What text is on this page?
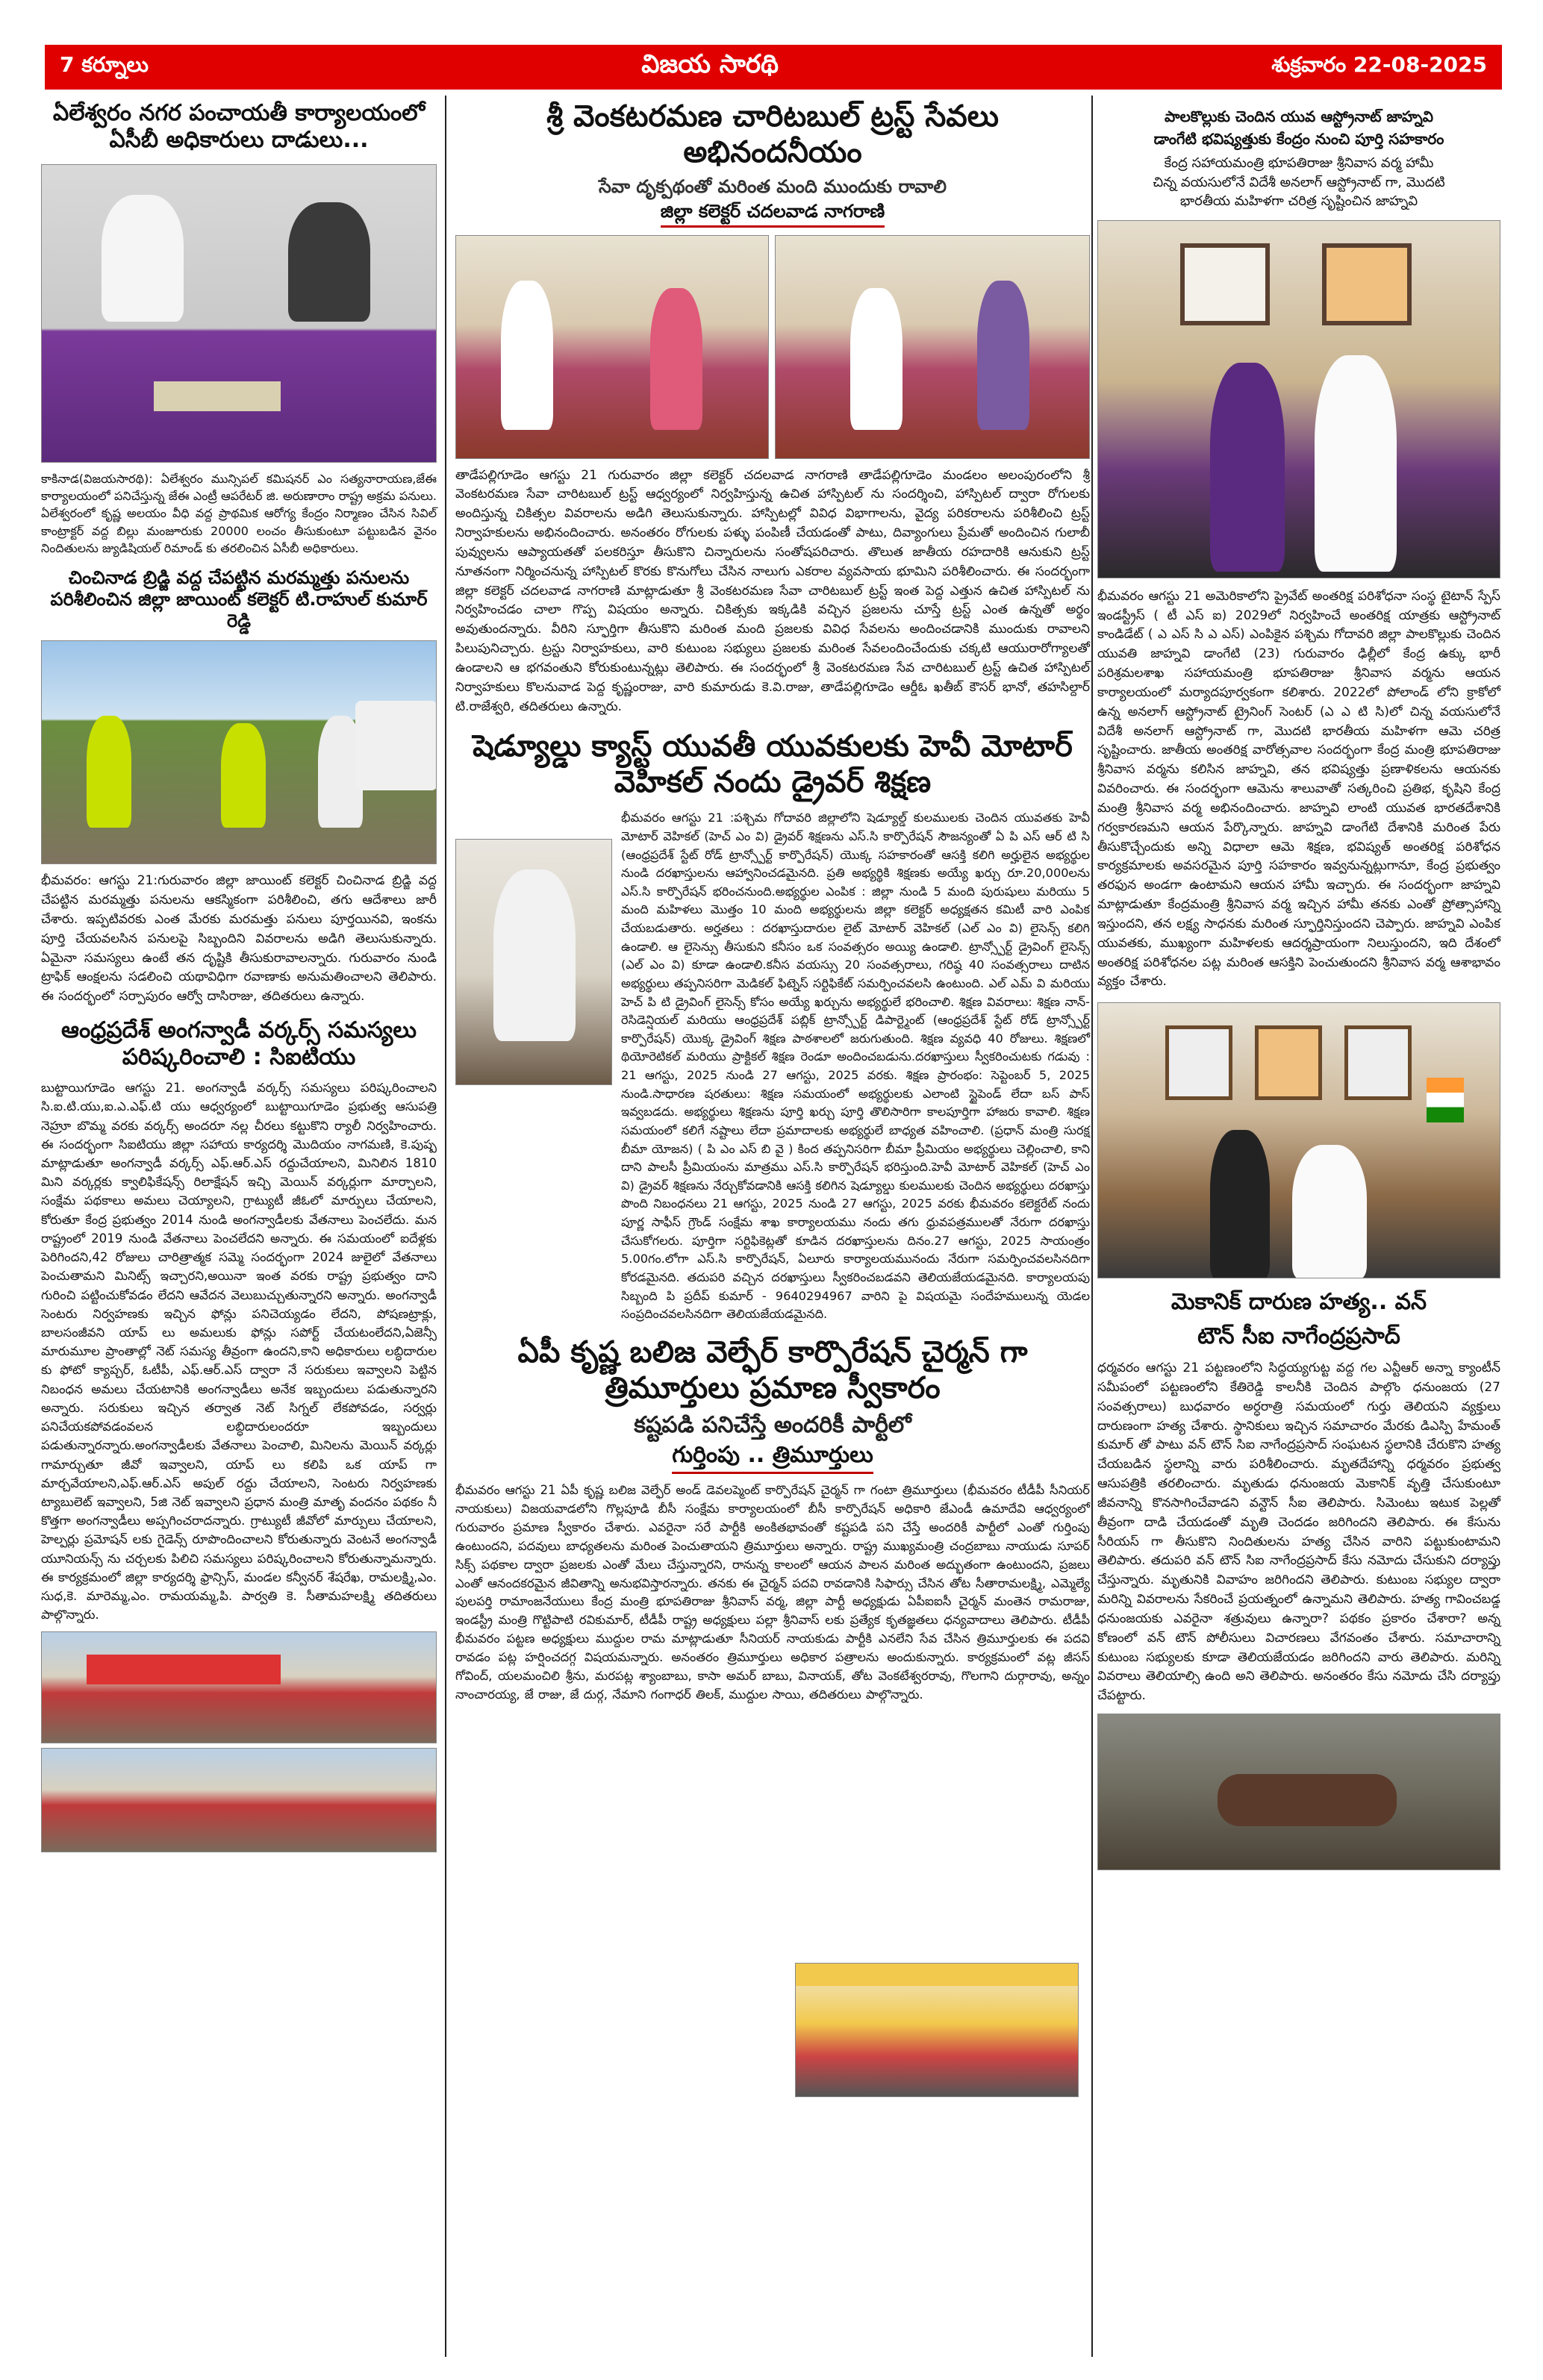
7 కర్నూలు	విజయ సారథి	శుక్రవారం 22-08-2025
ఏలేశ్వరం నగర పంచాయతీ కార్యాలయంలో ఏసీబీ అధికారులు దాడులు...
కాకినాడ(విజయసారథి): ఏలేశ్వరం మున్సిపల్ కమిషనర్ ఎం సత్యనారాయణ,జేఈ కార్యాలయంలో పనిచేస్తున్న జేఈ ఎంట్రీ ఆపరేటర్ జి. అరుణారాం రాష్ట్ర అక్రమ పనులు. ఏలేశ్వరంలో కృష్ణ అలయం వీధి వద్ద ప్రాథమిక ఆరోగ్య కేంద్రం నిర్మాణం చేసిన సివిల్ కాంట్రాక్టర్ వద్ద బిల్లు మంజూరుకు 20000 లంచం తీసుకుంటూ పట్టుబడిన వైనం నిందితులను జ్యుడిషియల్ రిమాండ్ కు తరలించిన ఏసీబీ అధికారులు.
చించినాడ బ్రిడ్జి వద్ద చేపట్టిన మరమ్మత్తు పనులను పరిశీలించిన జిల్లా జాయింట్ కలెక్టర్ టి.రాహుల్ కుమార్ రెడ్డి
భీమవరం: ఆగస్టు 21:గురువారం జిల్లా జాయింట్ కలెక్టర్ చించినాడ బ్రిడ్జి వద్ద చేపట్టిన మరమ్మత్తు పనులను ఆకస్మికంగా పరిశీలించి, తగు ఆదేశాలు జారీ చేశారు. ఇప్పటివరకు ఎంత మేరకు మరమత్తు పనులు పూర్తయినవి, ఇంకను పూర్తి చేయవలసిన పనులపై సిబ్బందిని వివరాలను అడిగి తెలుసుకున్నారు. ఏమైనా సమస్యలు ఉంటే తన దృష్టికి తీసుకురావాలన్నారు. గురువారం నుండి ట్రాఫిక్ ఆంక్షలను సడలించి యథావిధిగా రవాణాకు అనుమతించాలని తెలిపారు. ఈ సందర్భంలో సర్పాపురం ఆర్వో దాసిరాజు, తదితరులు ఉన్నారు.
ఆంధ్రప్రదేశ్ అంగన్వాడీ వర్కర్స్ సమస్యలు పరిష్కరించాలి : సిఐటియు
బుట్టాయిగూడెం ఆగస్టు 21. అంగన్వాడీ వర్కర్స్ సమస్యలు పరిష్కరించాలని సి.ఐ.టి.యు,ఐ.ఎ.ఎఫ్.టి యు ఆధ్వర్యంలో బుట్టాయిగూడెం ప్రభుత్వ ఆసుపత్రి నెహ్రూ బొమ్మ వరకు వర్కర్స్ అందరూ నల్ల చీరలు కట్టుకొని ర్యాలీ నిర్వహించారు. ఈ సందర్భంగా సిఐటియు జిల్లా సహాయ కార్యదర్శి మొదియం నాగమణి, కె.పుష్ప మాట్లాడుతూ అంగన్వాడీ వర్కర్స్ ఎఫ్.ఆర్.ఎస్ రద్దుచేయాలని, మినిలిన 1810 మిని వర్కర్లకు క్వాలిఫికేషన్స్ రిలాక్షేషన్ ఇచ్చి మెయిన్ వర్కర్లుగా మార్చాలని, సంక్షేమ పథకాలు అమలు చెయ్యాలని, గ్రాట్యుటీ జీఓలో మార్పులు చేయాలని, కోరుతూ కేంద్ర ప్రభుత్వం 2014 నుండి అంగన్వాడీలకు వేతనాలు పెంచలేదు. మన రాష్ట్రంలో 2019 నుండి వేతనాలు పెంచలేదని అన్నారు. ఈ సమయంలో ఐదేళ్లకు పెరిగిందని,42 రోజులు చారిత్రాత్మక సమ్మె సందర్భంగా 2024 జులైలో వేతనాలు పెంచుతామని మినిట్స్ ఇచ్చారని,అయినా ఇంత వరకు రాష్ట్ర ప్రభుత్వం దాని గురించి పట్టించుకోవడం లేదని ఆవేదన వెలుబుచ్చుతున్నారని అన్నారు. అంగన్వాడీ సెంటరు నిర్వహణకు ఇచ్చిన ఫోన్లు పనిచెయ్యడం లేదని, పోషణట్రాక్లు, బాలసంజీవని యాప్ లు అమలుకు ఫోన్లు సపోర్ట్ చేయటంలేదని,ఏజెన్సీ మారుమూల ప్రాంతాల్లో నెట్ సమస్య తీవ్రంగా ఉందని,కాని అధికారులు లబ్ధిదారుల కు ఫోటో క్యాప్చర్, ఓటీపీ, ఎఫ్.ఆర్.ఎస్ ద్వారా నే సరుకులు ఇవ్వాలని పెట్టిన నిబంధన అమలు చేయటానికి అంగన్వాడీలు అనేక ఇబ్బందులు పడుతున్నారని అన్నారు. సరుకులు ఇచ్చిన తర్వాత నెట్ సిగ్నల్ లేకపోవడం, సర్వర్లు పనిచేయకపోవడంవలన లబ్ధిదారులందరూ ఇబ్బందులు పడుతున్నారన్నారు.అంగన్వాడీలకు వేతనాలు పెంచాలి, మినిలను మెయిన్ వర్కర్లు గామార్చుతూ జీవో ఇవ్వాలని, యాప్ లు కలిపి ఒక యాప్ గా మార్చవేయాలని,ఎఫ్.ఆర్.ఎస్ అపుల్ రద్దు చేయాలని, సెంటరు నిర్వహణకు ట్యాబులెట్ ఇవ్వాలని, 5జి నెట్ ఇవ్వాలని ప్రధాన మంత్రి మాతృ వందనం పథకం నీ కొత్తగా అంగన్వాడీలు అప్పగించరాదన్నారు. గ్రాట్యుటీ జీవోలో మార్పులు చేయాలని, హెల్పర్లు ప్రమోషన్ లకు గైడెన్స్ రూపొందించాలని కోరుతున్నారు వెంటనే అంగన్వాడీ యూనియన్స్ ను చర్చలకు పిలిచి సమస్యలు పరిష్కరించాలని కోరుతున్నామన్నారు. ఈ కార్యక్రమంలో జిల్లా కార్యదర్శి ఫ్రాన్సిస్, మండల కన్వీనర్ శేషరేఖ, రామలక్ష్మి,ఎం. సుధ,కె. మారెమ్మ,ఎం. రామయమ్మ,పి. పార్వతి కె. సీతామహలక్ష్మి తదితరులు పాల్గొన్నారు.
శ్రీ వెంకటరమణ చారిటబుల్ ట్రస్ట్ సేవలు అభినందనీయం
సేవా దృక్పథంతో మరింత మంది ముందుకు రావాలి
జిల్లా కలెక్టర్ చదలవాడ నాగరాణి
తాడేపల్లిగూడెం ఆగస్టు 21 గురువారం జిల్లా కలెక్టర్ చదలవాడ నాగరాణి తాడేపల్లిగూడెం మండలం అలంపురంలోని శ్రీ వెంకటరమణ సేవా చారిటబుల్ ట్రస్ట్ ఆధ్వర్యంలో నిర్వహిస్తున్న ఉచిత హాస్పిటల్ ను సందర్శించి, హాస్పిటల్ ద్వారా రోగులకు అందిస్తున్న చికిత్సల వివరాలను అడిగి తెలుసుకున్నారు. హాస్పిటల్లో వివిధ విభాగాలను, వైద్య పరికరాలను పరిశీలించి ట్రస్ట్ నిర్వాహకులను అభినందించారు. అనంతరం రోగులకు పళ్ళు పంపిణీ చేయడంతో పాటు, దివ్యాంగులు ప్రేమతో అందించిన గులాబీ పువ్వులను ఆప్యాయతతో పలకరిస్తూ తీసుకొని చిన్నారులను సంతోషపరిచారు. తొలుత జాతీయ రహదారికి ఆనుకుని ట్రస్ట్ నూతనంగా నిర్మించనున్న హాస్పిటల్ కొరకు కొనుగోలు చేసిన నాలుగు ఎకరాల వ్యవసాయ భూమిని పరిశీలించారు. ఈ సందర్భంగా జిల్లా కలెక్టర్ చదలవాడ నాగరాణి మాట్లాడుతూ శ్రీ వెంకటరమణ సేవా చారిటబుల్ ట్రస్ట్ ఇంత పెద్ద ఎత్తున ఉచిత హాస్పిటల్ ను నిర్వహించడం చాలా గొప్ప విషయం అన్నారు. చికిత్సకు ఇక్కడికి వచ్చిన ప్రజలను చూస్తే ట్రస్ట్ ఎంత ఉన్నతో అర్థం అవుతుందన్నారు. వీరిని స్ఫూర్తిగా తీసుకొని మరింత మంది ప్రజలకు వివిధ సేవలను అందించడానికి ముందుకు రావాలని పిలుపునిచ్చారు. ట్రస్టు నిర్వాహకులు, వారి కుటుంబ సభ్యులు ప్రజలకు మరింత సేవలందించేందుకు చక్కటి ఆయురారోగ్యాలతో ఉండాలని ఆ భగవంతుని కోరుకుంటున్నట్లు తెలిపారు. ఈ సందర్భంలో శ్రీ వెంకటరమణ సేవ చారిటబుల్ ట్రస్ట్ ఉచిత హాస్పిటల్ నిర్వాహకులు కొలనువాడ పెద్ద కృష్ణంరాజు, వారి కుమారుడు కె.వి.రాజు, తాడేపల్లిగూడెం ఆర్డీఓ ఖతీబ్ కౌసర్ భానో, తహసిల్దార్ టి.రాజేశ్వరి, తదితరులు ఉన్నారు.
షెడ్యూల్డు క్యాస్ట్ యువతీ యువకులకు హెవీ మోటార్ వెహికల్ నందు డ్రైవర్ శిక్షణ
భీమవరం ఆగస్టు 21 :పశ్చిమ గోదావరి జిల్లాలోని షెడ్యూల్డ్ కులములకు చెందిన యువతకు హెవీ మోటార్ వెహికల్ (హెచ్ ఎం వి) డ్రైవర్ శిక్షణను ఎస్.సి కార్పొరేషన్ సౌజన్యంతో ఏ పి ఎస్ ఆర్ టి సి (ఆంధ్రప్రదేశ్ స్టేట్ రోడ్ ట్రాన్స్పోర్ట్ కార్పొరేషన్) యొక్క సహకారంతో ఆసక్తి కలిగి అర్హులైన అభ్యర్థుల నుండి దరఖాస్తులను ఆహ్వానించడమైనది. ప్రతి అభ్యర్థికి శిక్షణకు అయ్యే ఖర్చు రూ.20,000లను ఎస్.సి కార్పొరేషన్ భరించనుంది.అభ్యర్థుల ఎంపిక : జిల్లా నుండి 5 మంది పురుషులు మరియు 5 మంది మహిళలు మొత్తం 10 మంది అభ్యర్థులను జిల్లా కలెక్టర్ అధ్యక్షతన కమిటీ వారి ఎంపిక చేయబడుతారు. అర్హతలు : దరఖాస్తుదారుల లైట్ మోటార్ వెహికల్ (ఎల్ ఎం వి) లైసెన్స్ కలిగి ఉండాలి. ఆ లైసెన్సు తీసుకుని కనీసం ఒక సంవత్సరం అయ్యి ఉండాలి. ట్రాన్స్పోర్ట్ డ్రైవింగ్ లైసెన్స్ (ఎల్ ఎం వి) కూడా ఉండాలి.కనీస వయస్సు 20 సంవత్సరాలు, గరిష్ఠ 40 సంవత్సరాలు దాటిన అభ్యర్థులు తప్పనిసరిగా మెడికల్ ఫిట్నెస్ సర్టిఫికేట్ సమర్పించవలసి ఉంటుంది. ఎల్ ఎమ్ వి మరియు హెచ్ పి టి డ్రైవింగ్ లైసెన్స్ కోసం అయ్యే ఖర్చును అభ్యర్థులే భరించాలి. శిక్షణ వివరాలు: శిక్షణ నాన్-రెసిడెన్షియల్ మరియు ఆంధ్రప్రదేశ్ పబ్లిక్ ట్రాన్స్పోర్ట్ డిపార్ట్మెంట్ (ఆంధ్రప్రదేశ్ స్టేట్ రోడ్ ట్రాన్స్పోర్ట్ కార్పొరేషన్) యొక్క డ్రైవింగ్ శిక్షణ పాఠశాలలో జరుగుతుంది. శిక్షణ వ్యవధి 40 రోజులు. శిక్షణలో థియోరెటికల్ మరియు ప్రాక్టికల్ శిక్షణ రెండూ అందించబడును.దరఖాస్తులు స్వీకరించుటకు గడువు : 21 ఆగస్టు, 2025 నుండి 27 ఆగస్టు, 2025 వరకు. శిక్షణ ప్రారంభం: సెప్టెంబర్ 5, 2025 నుండి.సాధారణ షరతులు: శిక్షణ సమయంలో అభ్యర్థులకు ఎలాంటి స్టైపెండ్ లేదా బస్ పాస్ ఇవ్వబడదు. అభ్యర్థులు శిక్షణను పూర్తి ఖర్చు పూర్తి తొలిసారిగా కాలపూర్తిగా హాజరు కావాలి. శిక్షణ సమయంలో కలిగే నష్టాలు లేదా ప్రమాదాలకు అభ్యర్థులే బాధ్యత వహించాలి. (ప్రధాన్ మంత్రి సురక్ష బీమా యోజన) ( పి ఎం ఎస్ బి వై ) కింద తప్పనిసరిగా బీమా ప్రీమియం అభ్యర్థులు చెల్లించాలి, కాని దాని పాలసీ ప్రీమియంను మాత్రము ఎస్.సి కార్పొరేషన్ భరిస్తుంది.హెవీ మోటార్ వెహికల్ (హెచ్ ఎం వి) డ్రైవర్ శిక్షణను నేర్చుకోవడానికి ఆసక్తి కలిగిన షెడ్యూల్డు కులములకు చెందిన అభ్యర్థులు దరఖాస్తు పొంది నిబంధనలు 21 ఆగస్టు, 2025 నుండి 27 ఆగస్టు, 2025 వరకు భీమవరం కలెక్టరేట్ నందు పూర్ణ సాఫీస్ గ్రౌండ్ సంక్షేమ శాఖ కార్యాలయము నందు తగు ధ్రువపత్రములతో నేరుగా దరఖాస్తు చేసుకోగలరు. పూర్తిగా సర్టిఫికెట్లతో కూడిన దరఖాస్తులను దినం.27 ఆగస్టు, 2025 సాయంత్రం 5.00గం.లోగా ఎస్.సి కార్పొరేషన్, ఏలూరు కార్యాలయమునందు నేరుగా సమర్పించవలసినదిగా కోరడమైనది. తదుపరి వచ్చిన దరఖాస్తులు స్వీకరించబడవని తెలియజేయడమైనది. కార్యాలయపు సిబ్బంది పి ప్రదీప్ కుమార్ - 9640294967 వారిని పై విషయమై సందేహములున్న యెడల సంప్రదించవలసినదిగా తెలియజేయడమైనది.
ఏపీ కృష్ణ బలిజ వెల్ఫేర్ కార్పొరేషన్ చైర్మన్ గా త్రిమూర్తులు ప్రమాణ స్వీకారం
కష్టపడి పనిచేస్తే అందరికీ పార్టీలో
గుర్తింపు .. త్రిమూర్తులు
భీమవరం ఆగస్టు 21 ఏపీ కృష్ణ బలిజ వెల్ఫేర్ అండ్ డెవలప్మెంట్ కార్పొరేషన్ చైర్మన్ గా గంటా త్రిమూర్తులు (భీమవరం టీడీపీ సీనియర్ నాయకులు) విజయవాడలోని గొల్లపూడి బీసీ సంక్షేమ కార్యాలయంలో బీసీ కార్పొరేషన్ అధికారి జేఎండీ ఉమాదేవి ఆధ్వర్యంలో గురువారం ప్రమాణ స్వీకారం చేశారు. ఎవరైనా సరే పార్టీకి అంకితభావంతో కష్టపడి పని చేస్తే అందరికీ పార్టీలో ఎంతో గుర్తింపు ఉంటుందని, పదవులు బాధ్యతలను మరింత పెంచుతాయని త్రిమూర్తులు అన్నారు. రాష్ట్ర ముఖ్యమంత్రి చంద్రబాబు నాయుడు సూపర్ సిక్స్ పథకాల ద్వారా ప్రజలకు ఎంతో మేలు చేస్తున్నారని, రానున్న కాలంలో ఆయన పాలన మరింత అద్భుతంగా ఉంటుందని, ప్రజలు ఎంతో ఆనందకరమైన జీవితాన్ని అనుభవిస్తారన్నారు. తనకు ఈ చైర్మన్ పదవి రావడానికి సిఫార్సు చేసిన తోట సీతారామలక్ష్మి, ఎమ్మెల్యే పులపర్తి రామాంజనేయులు కేంద్ర మంత్రి భూపతిరాజు శ్రీనివాస్ వర్మ, జిల్లా పార్టీ అధ్యక్షుడు ఏపీఐఐసీ చైర్మన్ మంతెన రామరాజు, ఇండస్ట్రీ మంత్రి గొట్టిపాటి రవికుమార్, టీడీపీ రాష్ట్ర అధ్యక్షులు పల్లా శ్రీనివాస్ లకు ప్రత్యేక కృతజ్ఞతలు ధన్యవాదాలు తెలిపారు. టీడీపీ భీమవరం పట్టణ అధ్యక్షులు ముద్దుల రామ మాట్లాడుతూ సీనియర్ నాయకుడు పార్టీకి ఎనలేని సేవ చేసిన త్రిమూర్తులకు ఈ పదవి రావడం పట్ల హర్షించదగ్గ విషయమన్నారు. అనంతరం త్రిమూర్తులు అధికార పత్రాలను అందుకున్నారు. కార్యక్రమంలో వట్ల జీసస్ గోవింద్, యలమంచిలి శ్రీను, మరపట్ల శ్యాంబాబు, కాసా అమర్ బాబు, వినాయక్, తోట వెంకటేశ్వరరావు, గొలగాని దుర్గారావు, అన్నం నాంచారయ్య, జే రాజు, జే దుర్గ, నేమాని గంగాధర్ తిలక్, ముద్దుల సాయి, తదితరులు పాల్గొన్నారు.
పాలకొల్లుకు చెందిన యువ ఆస్ట్రోనాట్ జాహ్నవి
డాంగేటి భవిష్యత్తుకు కేంద్రం నుంచి పూర్తి సహకారం
కేంద్ర సహాయమంత్రి భూపతిరాజు శ్రీనివాస వర్మ హామీ
చిన్న వయసులోనే విదేశీ అనలాగ్ ఆస్ట్రోనాట్ గా, మొదటి
భారతీయ మహిళగా చరిత్ర సృష్టించిన జాహ్నవి
భీమవరం ఆగస్టు 21 అమెరికాలోని ప్రైవేట్ అంతరిక్ష పరిశోధనా సంస్థ టైటాన్ స్పేస్ ఇండస్ట్రీస్ ( టీ ఎస్ ఐ) 2029లో నిర్వహించే అంతరిక్ష యాత్రకు ఆస్ట్రోనాట్ కాండిడేట్ ( ఎ ఎస్ సి ఎ ఎస్) ఎంపికైన పశ్చిమ గోదావరి జిల్లా పాలకొల్లుకు చెందిన యువతి జాహ్నవి డాంగేటి (23) గురువారం ఢిల్లీలో కేంద్ర ఉక్కు భారీ పరిశ్రమలశాఖ సహాయమంత్రి భూపతిరాజు శ్రీనివాస వర్మను ఆయన కార్యాలయంలో మర్యాదపూర్వకంగా కలిశారు. 2022లో పోలాండ్ లోని క్రాకోలో ఉన్న అనలాగ్ ఆస్ట్రోనాట్ ట్రైనింగ్ సెంటర్ (ఎ ఎ టి సి)లో చిన్న వయసులోనే విదేశీ అనలాగ్ ఆస్ట్రోనాట్ గా, మొదటి భారతీయ మహిళగా ఆమె చరిత్ర సృష్టించారు. జాతీయ అంతరిక్ష వారోత్సవాల సందర్భంగా కేంద్ర మంత్రి భూపతిరాజు శ్రీనివాస వర్మను కలిసిన జాహ్నవి, తన భవిష్యత్తు ప్రణాళికలను ఆయనకు వివరించారు. ఈ సందర్భంగా ఆమెను శాలువాతో సత్కరించి ప్రతిభ, కృషిని కేంద్ర మంత్రి శ్రీనివాస వర్మ అభినందించారు. జాహ్నవి లాంటి యువత భారతదేశానికి గర్వకారణమని ఆయన పేర్కొన్నారు. జాహ్నవి డాంగేటి దేశానికి మరింత పేరు తీసుకొచ్చేందుకు అన్ని విధాలా ఆమె శిక్షణ, భవిష్యత్ అంతరిక్ష పరిశోధన కార్యక్రమాలకు అవసరమైన పూర్తి సహకారం ఇవ్వనున్నట్లుగానూ, కేంద్ర ప్రభుత్వం తరఫున అండగా ఉంటామని ఆయన హామీ ఇచ్చారు. ఈ సందర్భంగా జాహ్నవి మాట్లాడుతూ కేంద్రమంత్రి శ్రీనివాస వర్మ ఇచ్చిన హామీ తనకు ఎంతో ప్రోత్సాహాన్ని ఇస్తుందని, తన లక్ష్య సాధనకు మరింత స్ఫూర్తినిస్తుందని చెప్పారు. జాహ్నవి ఎంపిక యువతకు, ముఖ్యంగా మహిళలకు ఆదర్శప్రాయంగా నిలుస్తుందని, ఇది దేశంలో అంతరిక్ష పరిశోధనల పట్ల మరింత ఆసక్తిని పెంచుతుందని శ్రీనివాస వర్మ ఆశాభావం వ్యక్తం చేశారు.
మెకానిక్ దారుణ హత్య.. వన్
టౌన్ సీఐ నాగేంద్రప్రసాద్
ధర్మవరం ఆగస్టు 21 పట్టణంలోని సిద్ధయ్యగుట్ట వద్ద గల ఎన్టీఆర్ అన్నా క్యాంటీన్ సమీపంలో పట్టణంలోని కేతిరెడ్డి కాలనీకి చెందిన పాల్గొం ధనుంజయ (27 సంవత్సరాలు) బుధవారం అర్ధరాత్రి సమయంలో గుర్తు తెలియని వ్యక్తులు దారుణంగా హత్య చేశారు. స్థానికులు ఇచ్చిన సమాచారం మేరకు డిఎస్పి హేమంత్ కుమార్ తో పాటు వన్ టౌన్ సిఐ నాగేంద్రప్రసాద్ సంఘటన స్థలానికి చేరుకొని హత్య చేయబడిన స్థలాన్ని వారు పరిశీలించారు. మృతదేహాన్ని ధర్మవరం ప్రభుత్వ ఆసుపత్రికి తరలించారు. మృతుడు ధనుంజయ మెకానిక్ వృత్తి చేసుకుంటూ జీవనాన్ని కొనసాగించేవాడని వన్టౌన్ సీఐ తెలిపారు. సిమెంటు ఇటుక పెల్లతో తీవ్రంగా దాడి చేయడంతో మృతి చెందడం జరిగిందని తెలిపారు. ఈ కేసును సీరియస్ గా తీసుకొని నిందితులను హత్య చేసిన వారిని పట్టుకుంటామని తెలిపారు. తదుపరి వన్ టౌన్ సిఐ నాగేంద్రప్రసాద్ కేసు నమోదు చేసుకుని దర్యాప్తు చేస్తున్నారు. మృతునికి వివాహం జరిగిందని తెలిపారు. కుటుంబ సభ్యుల ద్వారా మరిన్ని వివరాలను సేకరించే ప్రయత్నంలో ఉన్నామని తెలిపారు. హత్య గావించబడ్డ ధనుంజయకు ఎవరైనా శత్రువులు ఉన్నారా? పథకం ప్రకారం చేశారా? అన్న కోణంలో వన్ టౌన్ పోలీసులు విచారణలు వేగవంతం చేశారు. సమాచారాన్ని కుటుంబ సభ్యులకు కూడా తెలియజేయడం జరిగిందని వారు తెలిపారు. మరిన్ని వివరాలు తెలియాల్సి ఉంది అని తెలిపారు. అనంతరం కేసు నమోదు చేసి దర్యాప్తు చేపట్టారు.
